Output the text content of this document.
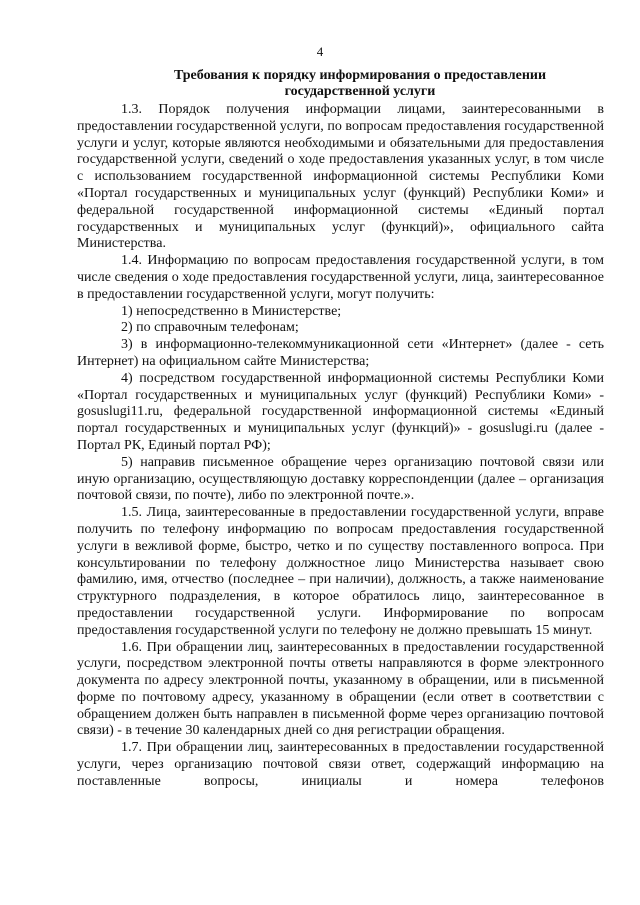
4
Требования к порядку информирования о предоставлении государственной услуги

1.3. Порядок получения информации лицами, заинтересованными в предоставлении государственной услуги, по вопросам предоставления государственной услуги и услуг, которые являются необходимыми и обязательными для предоставления государственной услуги, сведений о ходе предоставления указанных услуг, в том числе с использованием государственной информационной системы Республики Коми «Портал государственных и муниципальных услуг (функций) Республики Коми» и федеральной государственной информационной системы «Единый портал государственных и муниципальных услуг (функций)», официального сайта Министерства.

1.4. Информацию по вопросам предоставления государственной услуги, в том числе сведения о ходе предоставления государственной услуги, лица, заинтересованное в предоставлении государственной услуги, могут получить:

1) непосредственно в Министерстве;

2) по справочным телефонам;

3) в информационно-телекоммуникационной сети «Интернет» (далее - сеть Интернет) на официальном сайте Министерства;

4) посредством государственной информационной системы Республики Коми «Портал государственных и муниципальных услуг (функций) Республики Коми» - gosuslugi11.ru, федеральной государственной информационной системы «Единый портал государственных и муниципальных услуг (функций)» - gosuslugi.ru (далее - Портал РК, Единый портал РФ);

5) направив письменное обращение через организацию почтовой связи или иную организацию, осуществляющую доставку корреспонденции (далее – организация почтовой связи, по почте), либо по электронной почте.».

1.5. Лица, заинтересованные в предоставлении государственной услуги, вправе получить по телефону информацию по вопросам предоставления государственной услуги в вежливой форме, быстро, четко и по существу поставленного вопроса. При консультировании по телефону должностное лицо Министерства называет свою фамилию, имя, отчество (последнее – при наличии), должность, а также наименование структурного подразделения, в которое обратилось лицо, заинтересованное в предоставлении государственной услуги. Информирование по вопросам предоставления государственной услуги по телефону не должно превышать 15 минут.

1.6. При обращении лиц, заинтересованных в предоставлении государственной услуги, посредством электронной почты ответы направляются в форме электронного документа по адресу электронной почты, указанному в обращении, или в письменной форме по почтовому адресу, указанному в обращении (если ответ в соответствии с обращением должен быть направлен в письменной форме через организацию почтовой связи) - в течение 30 календарных дней со дня регистрации обращения.

1.7. При обращении лиц, заинтересованных в предоставлении государственной услуги, через организацию почтовой связи ответ, содержащий информацию на поставленные вопросы, инициалы и номера телефонов
